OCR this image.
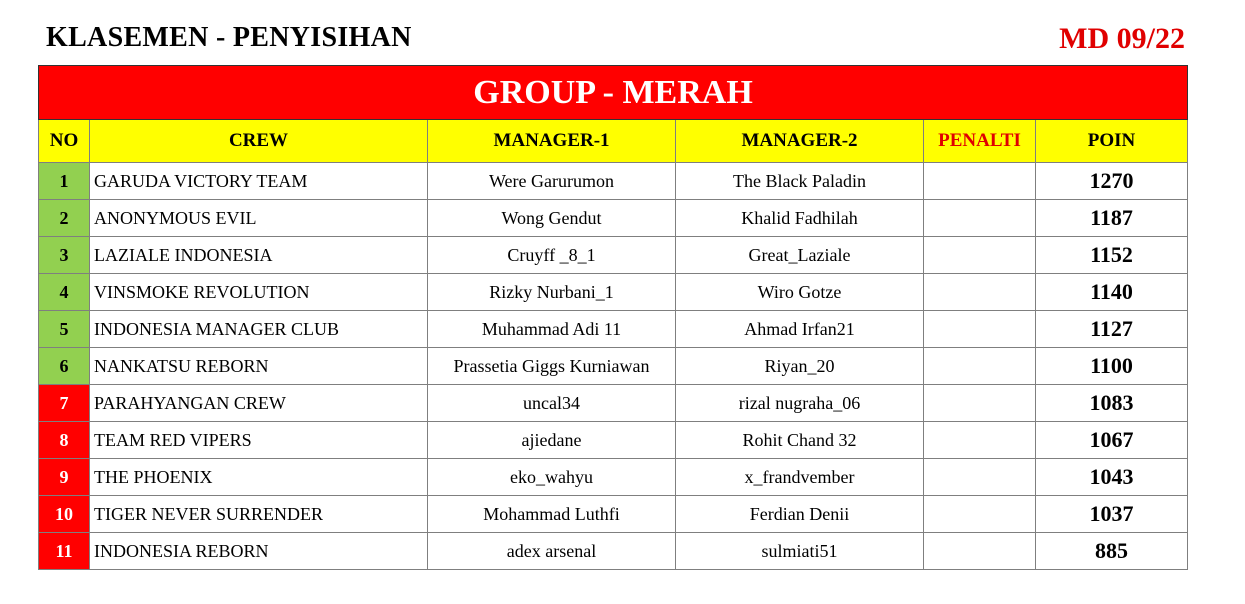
KLASEMEN - PENYISIHAN	MD 09/22
GROUP - MERAH					
NO	CREW	MANAGER-1	MANAGER-2	PENALTI	POIN
1	GARUDA VICTORY TEAM	Were Garurumon	The Black Paladin		1270
2	ANONYMOUS EVIL	Wong Gendut	Khalid Fadhilah		1187
3	LAZIALE INDONESIA	Cruyff _8_1	Great_Laziale		1152
4	VINSMOKE REVOLUTION	Rizky Nurbani_1	Wiro Gotze		1140
5	INDONESIA MANAGER CLUB	Muhammad Adi 11	Ahmad Irfan21		1127
6	NANKATSU REBORN	Prassetia Giggs Kurniawan	Riyan_20		1100
7	PARAHYANGAN CREW	uncal34	rizal nugraha_06		1083
8	TEAM RED VIPERS	ajiedane	Rohit Chand 32		1067
9	THE PHOENIX	eko_wahyu	x_frandvember		1043
10	TIGER NEVER SURRENDER	Mohammad Luthfi	Ferdian Denii		1037
11	INDONESIA REBORN	adex arsenal	sulmiati51		885
